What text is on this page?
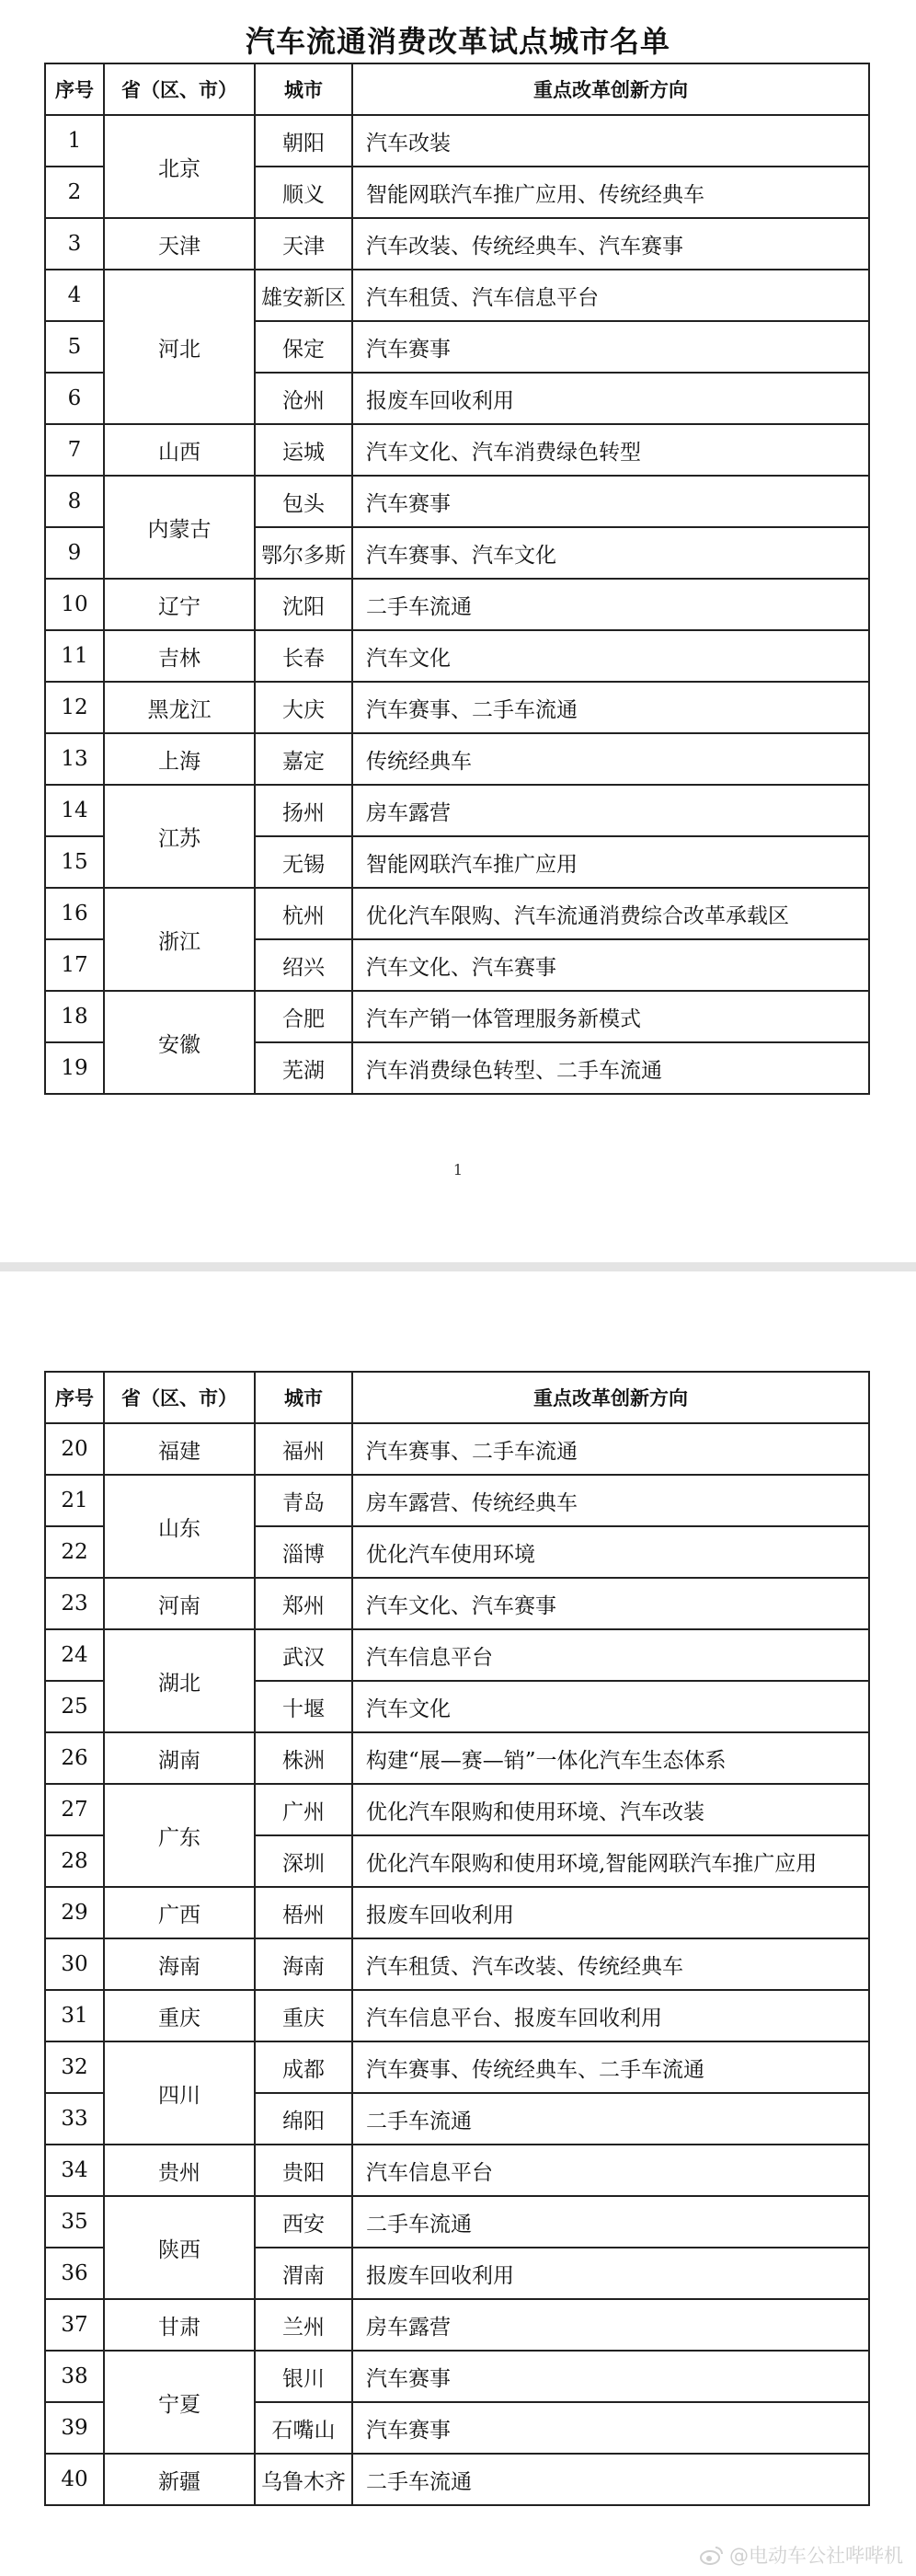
汽车流通消费改革试点城市名单
序号	省（区、市）	城市	重点改革创新方向
1	北京	朝阳	汽车改装
2		顺义	智能网联汽车推广应用、传统经典车
3	天津	天津	汽车改装、传统经典车、汽车赛事
4	河北	雄安新区	汽车租赁、汽车信息平台
5		保定	汽车赛事
6		沧州	报废车回收利用
7	山西	运城	汽车文化、汽车消费绿色转型
8	内蒙古	包头	汽车赛事
9		鄂尔多斯	汽车赛事、汽车文化
10	辽宁	沈阳	二手车流通
11	吉林	长春	汽车文化
12	黑龙江	大庆	汽车赛事、二手车流通
13	上海	嘉定	传统经典车
14	江苏	扬州	房车露营
15		无锡	智能网联汽车推广应用
16	浙江	杭州	优化汽车限购、汽车流通消费综合改革承载区
17		绍兴	汽车文化、汽车赛事
18	安徽	合肥	汽车产销一体管理服务新模式
19		芜湖	汽车消费绿色转型、二手车流通
1
序号	省（区、市）	城市	重点改革创新方向
20	福建	福州	汽车赛事、二手车流通
21	山东	青岛	房车露营、传统经典车
22		淄博	优化汽车使用环境
23	河南	郑州	汽车文化、汽车赛事
24	湖北	武汉	汽车信息平台
25		十堰	汽车文化
26	湖南	株洲	构建“展—赛—销”一体化汽车生态体系
27	广东	广州	优化汽车限购和使用环境、汽车改装
28		深圳	优化汽车限购和使用环境,智能网联汽车推广应用
29	广西	梧州	报废车回收利用
30	海南	海南	汽车租赁、汽车改装、传统经典车
31	重庆	重庆	汽车信息平台、报废车回收利用
32	四川	成都	汽车赛事、传统经典车、二手车流通
33		绵阳	二手车流通
34	贵州	贵阳	汽车信息平台
35	陕西	西安	二手车流通
36		渭南	报废车回收利用
37	甘肃	兰州	房车露营
38	宁夏	银川	汽车赛事
39		石嘴山	汽车赛事
40	新疆	乌鲁木齐	二手车流通
@电动车公社哔哔机
